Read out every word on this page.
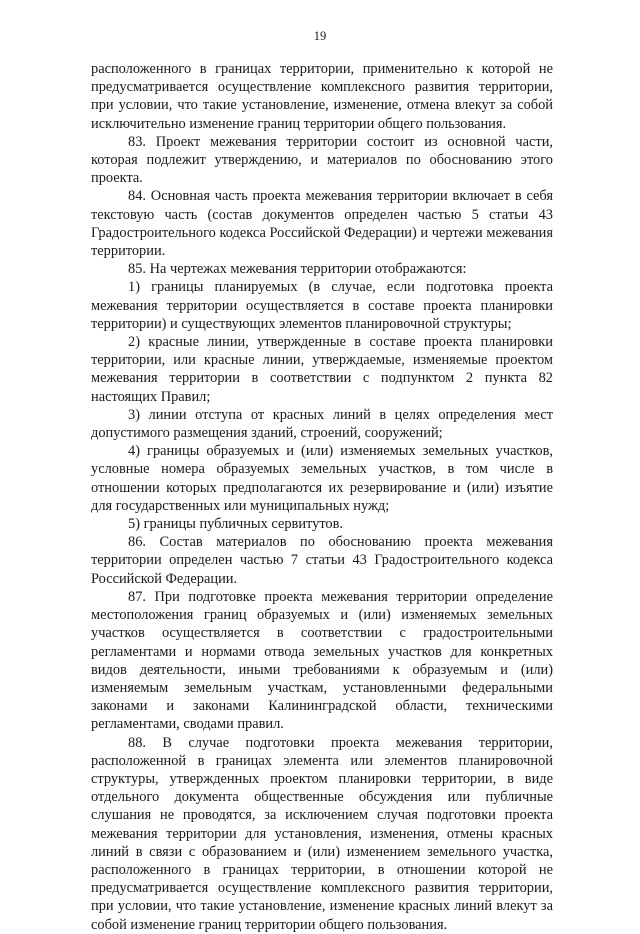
19

расположенного в границах территории, применительно к которой не предусматривается осуществление комплексного развития территории, при условии, что такие установление, изменение, отмена влекут за собой исключительно изменение границ территории общего пользования.

83. Проект межевания территории состоит из основной части, которая подлежит утверждению, и материалов по обоснованию этого проекта.

84. Основная часть проекта межевания территории включает в себя текстовую часть (состав документов определен частью 5 статьи 43 Градостроительного кодекса Российской Федерации) и чертежи межевания территории.

85. На чертежах межевания территории отображаются:

1) границы планируемых (в случае, если подготовка проекта межевания территории осуществляется в составе проекта планировки территории) и существующих элементов планировочной структуры;

2) красные линии, утвержденные в составе проекта планировки территории, или красные линии, утверждаемые, изменяемые проектом межевания территории в соответствии с подпунктом 2 пункта 82 настоящих Правил;

3) линии отступа от красных линий в целях определения мест допустимого размещения зданий, строений, сооружений;

4) границы образуемых и (или) изменяемых земельных участков, условные номера образуемых земельных участков, в том числе в отношении которых предполагаются их резервирование и (или) изъятие для государственных или муниципальных нужд;

5) границы публичных сервитутов.

86. Состав материалов по обоснованию проекта межевания территории определен частью 7 статьи 43 Градостроительного кодекса Российской Федерации.

87. При подготовке проекта межевания территории определение местоположения границ образуемых и (или) изменяемых земельных участков осуществляется в соответствии с градостроительными регламентами и нормами отвода земельных участков для конкретных видов деятельности, иными требованиями к образуемым и (или) изменяемым земельным участкам, установленными федеральными законами и законами Калининградской области, техническими регламентами, сводами правил.

88. В случае подготовки проекта межевания территории, расположенной в границах элемента или элементов планировочной структуры, утвержденных проектом планировки территории, в виде отдельного документа общественные обсуждения или публичные слушания не проводятся, за исключением случая подготовки проекта межевания территории для установления, изменения, отмены красных линий в связи с образованием и (или) изменением земельного участка, расположенного в границах территории, в отношении которой не предусматривается осуществление комплексного развития территории, при условии, что такие установление, изменение красных линий влекут за собой изменение границ территории общего пользования.
